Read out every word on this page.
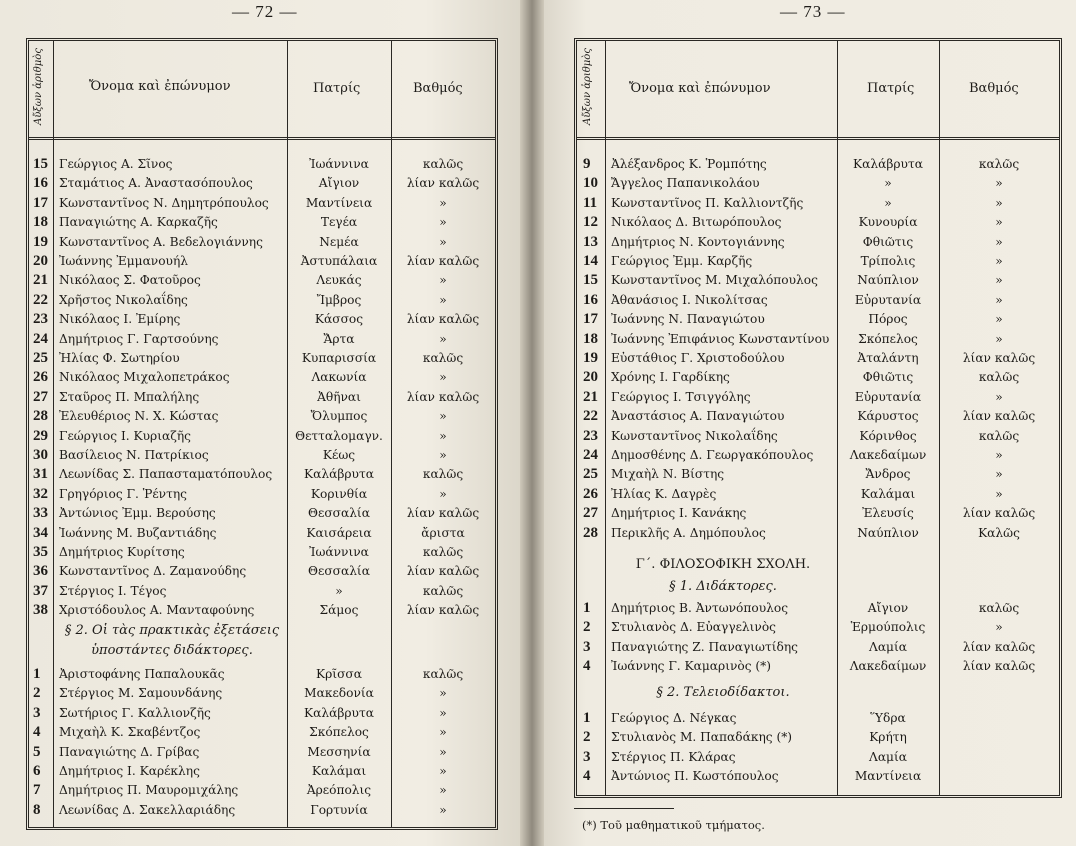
— 72 —
Αὔξων ἀριθμὸς	Ὄνομα καὶ ἐπώνυμον	Πατρίς	Βαθμός
15 Γεώργιος Α. Σῖνος	Ἰωάννινα	καλῶς
16 Σταμάτιος Α. Ἀναστασόπουλος	Αἴγιον	λίαν καλῶς
17 Κωνσταντῖνος Ν. Δημητρόπουλος	Μαντίνεια	»
18 Παναγιώτης Α. Καρκαζῆς	Τεγέα	»
19 Κωνσταντῖνος Α. Βεδελογιάννης	Νεμέα	»
20 Ἰωάννης Ἐμμανουήλ	Ἀστυπάλαια	λίαν καλῶς
21 Νικόλαος Σ. Φατοῦρος	Λευκάς	»
22 Χρῆστος Νικολαΐδης	Ἴμβρος	»
23 Νικόλαος Ι. Ἐμίρης	Κάσσος	λίαν καλῶς
24 Δημήτριος Γ. Γαρτσούνης	Ἄρτα	»
25 Ἠλίας Φ. Σωτηρίου	Κυπαρισσία	καλῶς
26 Νικόλαος Μιχαλοπετράκος	Λακωνία	»
27 Σταῦρος Π. Μπαλήλης	Ἀθῆναι	λίαν καλῶς
28 Ἐλευθέριος Ν. Χ. Κώστας	Ὄλυμπος	»
29 Γεώργιος Ι. Κυριαζῆς	Θετταλομαγν.	»
30 Βασίλειος Ν. Πατρίκιος	Κέως	»
31 Λεωνίδας Σ. Παπασταματόπουλος	Καλάβρυτα	καλῶς
32 Γρηγόριος Γ. Ῥέντης	Κορινθία	»
33 Ἀντώνιος Ἐμμ. Βερούσης	Θεσσαλία	λίαν καλῶς
34 Ἰωάννης Μ. Βυζαντιάδης	Καισάρεια	ἄριστα
35 Δημήτριος Κυρίτσης	Ἰωάννινα	καλῶς
36 Κωνσταντῖνος Δ. Ζαμανούδης	Θεσσαλία	λίαν καλῶς
37 Στέργιος Ι. Τέγος	»	καλῶς
38 Χριστόδουλος Α. Μανταφούνης	Σάμος	λίαν καλῶς
§ 2. Οἱ τὰς πρακτικὰς ἐξετάσεις
ὑποστάντες διδάκτορες.
1 Ἀριστοφάνης Παπαλουκᾶς	Κρῖσσα	καλῶς
2 Στέργιος Μ. Σαμουνδάνης	Μακεδονία	»
3 Σωτήριος Γ. Καλλιονζῆς	Καλάβρυτα	»
4 Μιχαὴλ Κ. Σκαβέντζος	Σκόπελος	»
5 Παναγιώτης Δ. Γρίβας	Μεσσηνία	»
6 Δημήτριος Ι. Καρέκλης	Καλάμαι	»
7 Δημήτριος Π. Μαυρομιχάλης	Ἀρεόπολις	»
8 Λεωνίδας Δ. Σακελλαριάδης	Γορτυνία	»
— 73 —
Αὔξων ἀριθμὸς	Ὄνομα καὶ ἐπώνυμον	Πατρίς	Βαθμός
9 Ἀλέξανδρος Κ. Ῥομπότης	Καλάβρυτα	καλῶς
10 Ἄγγελος Παπανικολάου	»	»
11 Κωνσταντῖνος Π. Καλλιοντζῆς	»	»
12 Νικόλαος Δ. Βιτωρόπουλος	Κυνουρία	»
13 Δημήτριος Ν. Κοντογιάννης	Φθιῶτις	»
14 Γεώργιος Ἐμμ. Καρζῆς	Τρίπολις	»
15 Κωνσταντῖνος Μ. Μιχαλόπουλος	Ναύπλιον	»
16 Ἀθανάσιος Ι. Νικολίτσας	Εὐρυτανία	»
17 Ἰωάννης Ν. Παναγιώτου	Πόρος	»
18 Ἰωάννης Ἐπιφάνιος Κωνσταντίνου	Σκόπελος	»
19 Εὐστάθιος Γ. Χριστοδούλου	Ἀταλάντη	λίαν καλῶς
20 Χρόνης Ι. Γαρδίκης	Φθιῶτις	καλῶς
21 Γεώργιος Ι. Τσιγγόλης	Εὐρυτανία	»
22 Ἀναστάσιος Α. Παναγιώτου	Κάρυστος	λίαν καλῶς
23 Κωνσταντῖνος Νικολαΐδης	Κόρινθος	καλῶς
24 Δημοσθένης Δ. Γεωργακόπουλος	Λακεδαίμων	»
25 Μιχαὴλ Ν. Βίστης	Ἄνδρος	»
26 Ἠλίας Κ. Δαγρὲς	Καλάμαι	»
27 Δημήτριος Ι. Κανάκης	Ἐλευσίς	λίαν καλῶς
28 Περικλῆς Α. Δημόπουλος	Ναύπλιον	Καλῶς
Γ΄. ΦΙΛΟΣΟΦΙΚΗ ΣΧΟΛΗ.
§ 1. Διδάκτορες.
1 Δημήτριος Β. Ἀντωνόπουλος	Αἴγιον	καλῶς
2 Στυλιανὸς Δ. Εὐαγγελινὸς	Ἑρμούπολις	»
3 Παναγιώτης Ζ. Παναγιωτίδης	Λαμία	λίαν καλῶς
4 Ἰωάννης Γ. Καμαρινὸς (*)	Λακεδαίμων	λίαν καλῶς
§ 2. Τελειοδίδακτοι.
1 Γεώργιος Δ. Νέγκας	Ὕδρα
2 Στυλιανὸς Μ. Παπαδάκης (*)	Κρήτη
3 Στέργιος Π. Κλάρας	Λαμία
4 Ἀντώνιος Π. Κωστόπουλος	Μαντίνεια
(*) Τοῦ μαθηματικοῦ τμήματος.
